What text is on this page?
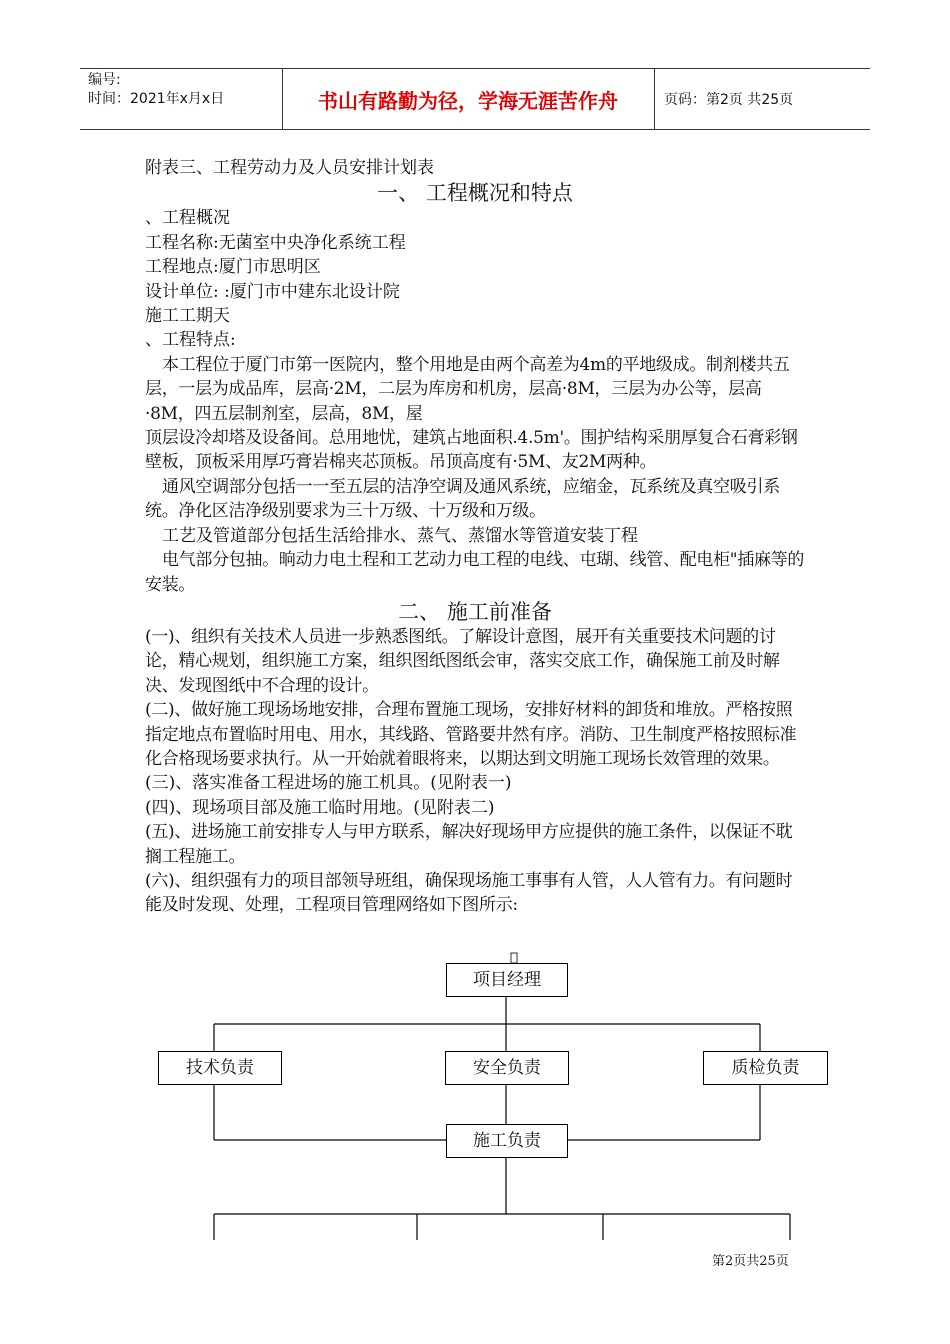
编号:
时间：2021年x月x日	书山有路勤为径，学海无涯苦作舟	页码：第2页 共25页

附表三、工程劳动力及人员安排计划表

一、 工程概况和特点

、工程概况

工程名称:无菌室中央净化系统工程

工程地点:厦门市思明区

设计单位: :厦门市中建东北设计院

施工工期天

、工程特点:

本工程位于厦门市第一医院内，整个用地是由两个高差为4m的平地级成。制剂楼共五层，一层为成品库，层高·2M，二层为库房和机房，层高·8M，三层为办公等，层高·8M，四五层制剂室，层高，8M，屋

顶层设冷却塔及设备间。总用地忧，建筑占地面积.4.5m'。围护结构采朋厚复合石膏彩钢壁板，顶板采用厚巧膏岩棉夹芯顶板。吊顶高度有·5M、友2M两种。

通风空调部分包括一一至五层的洁净空调及通风系统，应缩金，瓦系统及真空吸引系统。净化区洁净级别要求为三十万级、十万级和万级。

工艺及管道部分包括生活给排水、蒸气、蒸馏水等管道安装丁程

电气部分包抽。晌动力电土程和工艺动力电工程的电线、屯瑚、线管、配电柜"插麻等的安装。

二、 施工前准备

(一)、组织有关技术人员进一步熟悉图纸。了解设计意图，展开有关重要技术问题的讨论，精心规划，组织施工方案，组织图纸图纸会审，落实交底工作，确保施工前及时解决、发现图纸中不合理的设计。

(二)、做好施工现场场地安排，合理布置施工现场，安排好材料的卸货和堆放。严格按照指定地点布置临时用电、用水，其线路、管路要井然有序。消防、卫生制度严格按照标准化合格现场要求执行。从一开始就着眼将来，以期达到文明施工现场长效管理的效果。

(三)、落实准备工程进场的施工机具。(见附表一)

(四)、现场项目部及施工临时用地。(见附表二)

(五)、进场施工前安排专人与甲方联系，解决好现场甲方应提供的施工条件，以保证不耽搁工程施工。

(六)、组织强有力的项目部领导班组，确保现场施工事事有人管，人人管有力。有问题时能及时发现、处理，工程项目管理网络如下图所示:

项目经理
技术负责	安全负责	质检负责
施工负责
第2页共25页
